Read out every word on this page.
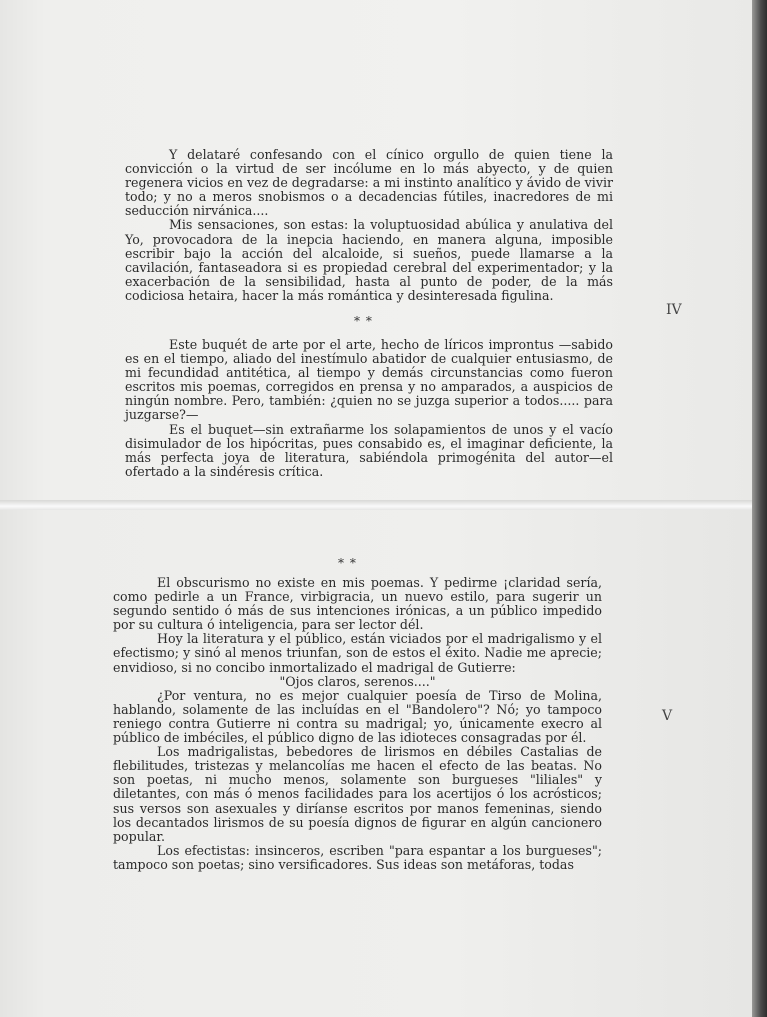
Y delataré confesando con el cínico orgullo de quien tiene la convicción o la virtud de ser incólume en lo más abyecto, y de quien regenera vicios en vez de degradarse: a mi instinto analítico y ávido de vivir todo; y no a meros snobismos o a decadencias fútiles, inacredores de mi seducción nirvánica....

Mis sensaciones, son estas: la voluptuosidad abúlica y anulativa del Yo, provocadora de la inepcia haciendo, en manera alguna, imposible escribir bajo la acción del alcaloide, si sueños, puede llamarse a la cavilación, fantaseadora si es propiedad cerebral del experimentador; y la exacerbación de la sensibilidad, hasta al punto de poder, de la más codiciosa hetaira, hacer la más romántica y desinteresada figulina.

* *
IV

Este buquét de arte por el arte, hecho de líricos improntus —sabido es en el tiempo, aliado del inestímulo abatidor de cualquier entusiasmo, de mi fecundidad antitética, al tiempo y demás circunstancias como fueron escritos mis poemas, corregidos en prensa y no amparados, a auspicios de ningún nombre. Pero, también: ¿quien no se juzga superior a todos..... para juzgarse?—

Es el buquet—sin extrañarme los solapamientos de unos y el vacío disimulador de los hipócritas, pues consabido es, el imaginar deficiente, la más perfecta joya de literatura, sabiéndola primogénita del autor—el ofertado a la sindéresis crítica.

* *
V

El obscurismo no existe en mis poemas. Y pedirme ¡claridad sería, como pedirle a un France, virbigracia, un nuevo estilo, para sugerir un segundo sentido ó más de sus intenciones irónicas, a un público impedido por su cultura ó inteligencia, para ser lector dél.

Hoy la literatura y el público, están viciados por el madrigalismo y el efectismo; y sinó al menos triunfan, son de estos el éxito. Nadie me aprecie; envidioso, si no concibo inmortalizado el madrigal de Gutierre:

"Ojos claros, serenos...."

¿Por ventura, no es mejor cualquier poesía de Tirso de Molina, hablando, solamente de las incluídas en el "Bandolero"? Nó; yo tampoco reniego contra Gutierre ni contra su madrigal; yo, únicamente execro al público de imbéciles, el público digno de las idioteces consagradas por él.

Los madrigalistas, bebedores de lirismos en débiles Castalias de flebilitudes, tristezas y melancolías me hacen el efecto de las beatas. No son poetas, ni mucho menos, solamente son burgueses "liliales" y diletantes, con más ó menos facilidades para los acertijos ó los acrósticos; sus versos son asexuales y diríanse escritos por manos femeninas, siendo los decantados lirismos de su poesía dignos de figurar en algún cancionero popular.

Los efectistas: insinceros, escriben "para espantar a los burgueses"; tampoco son poetas; sino versificadores. Sus ideas son metáforas, todas
